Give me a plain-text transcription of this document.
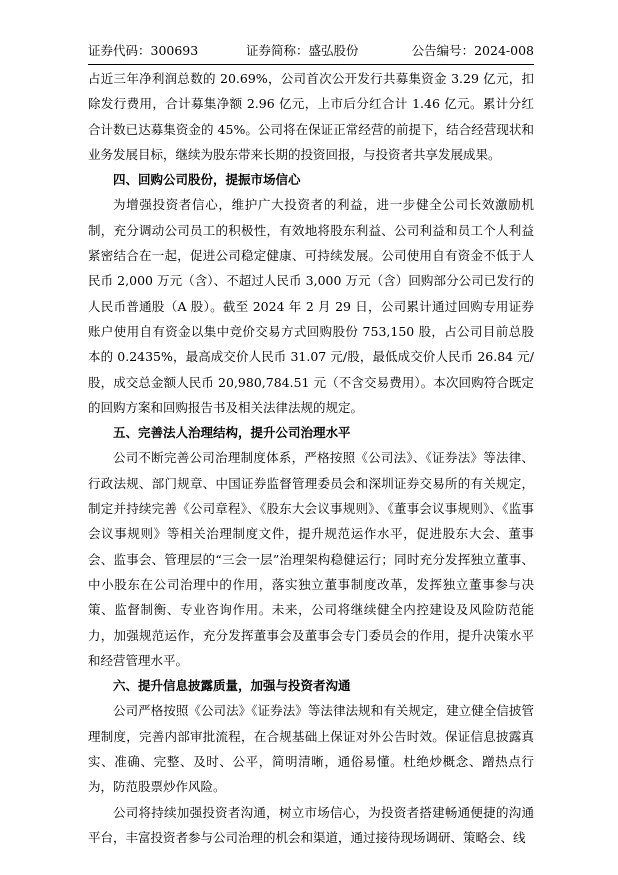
证券代码：300693	证券简称：盛弘股份	公告编号：2024-008

占近三年净利润总数的 20.69%，公司首次公开发行共募集资金 3.29 亿元，扣除发行费用，合计募集净额 2.96 亿元，上市后分红合计 1.46 亿元。累计分红合计数已达募集资金的 45%。公司将在保证正常经营的前提下，结合经营现状和业务发展目标，继续为股东带来长期的投资回报，与投资者共享发展成果。

四、回购公司股份，提振市场信心

为增强投资者信心，维护广大投资者的利益，进一步健全公司长效激励机制，充分调动公司员工的积极性，有效地将股东利益、公司利益和员工个人利益紧密结合在一起，促进公司稳定健康、可持续发展。公司使用自有资金不低于人民币 2,000 万元（含）、不超过人民币 3,000 万元（含）回购部分公司已发行的人民币普通股（A 股）。截至 2024 年 2 月 29 日，公司累计通过回购专用证券账户使用自有资金以集中竞价交易方式回购股份 753,150 股，占公司目前总股本的 0.2435%，最高成交价人民币 31.07 元/股，最低成交价人民币 26.84 元/股，成交总金额人民币 20,980,784.51 元（不含交易费用）。本次回购符合既定的回购方案和回购报告书及相关法律法规的规定。

五、完善法人治理结构，提升公司治理水平

公司不断完善公司治理制度体系，严格按照《公司法》、《证券法》等法律、行政法规、部门规章、中国证券监督管理委员会和深圳证券交易所的有关规定，制定并持续完善《公司章程》、《股东大会议事规则》、《董事会议事规则》、《监事会议事规则》等相关治理制度文件，提升规范运作水平，促进股东大会、董事会、监事会、管理层的“三会一层”治理架构稳健运行；同时充分发挥独立董事、中小股东在公司治理中的作用，落实独立董事制度改革，发挥独立董事参与决策、监督制衡、专业咨询作用。未来，公司将继续健全内控建设及风险防范能力，加强规范运作，充分发挥董事会及董事会专门委员会的作用，提升决策水平和经营管理水平。

六、提升信息披露质量，加强与投资者沟通

公司严格按照《公司法》《证券法》等法律法规和有关规定，建立健全信披管理制度，完善内部审批流程，在合规基础上保证对外公告时效。保证信息披露真实、准确、完整、及时、公平，简明清晰，通俗易懂。杜绝炒概念、蹭热点行为，防范股票炒作风险。

公司将持续加强投资者沟通，树立市场信心，为投资者搭建畅通便捷的沟通平台，丰富投资者参与公司治理的机会和渠道，通过接待现场调研、策略会、线
